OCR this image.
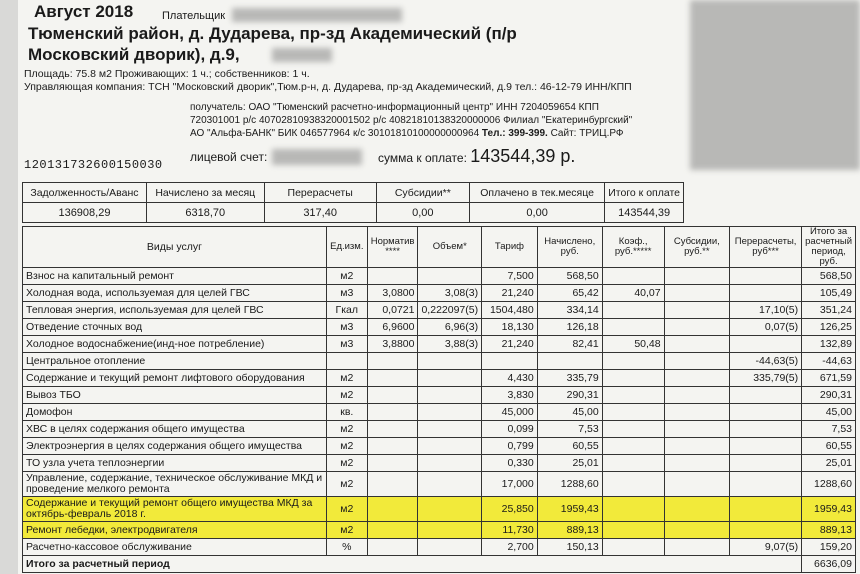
Август 2018	Плательщик
Тюменский район, д. Дударева, пр-зд Академический (п/р
Московский дворик), д.9,
Площадь: 75.8 м2 Проживающих: 1 ч.; собственников: 1 ч.
Управляющая компания: ТСН "Московский дворик",Тюм.р-н, д. Дударева, пр-зд Академический, д.9 тел.: 46-12-79 ИНН/КПП
получатель: ОАО "Тюменский расчетно-информационный центр" ИНН 7204059654 КПП
720301001 р/с 40702810938320001502 р/с 40821810138320000006 Филиал "Екатеринбургский"
АО "Альфа-БАНК" БИК 046577964 к/с 30101810100000000964 Тел.: 399-399. Сайт: ТРИЦ.РФ
120131732600150030
лицевой счет:	сумма к оплате: 143544,39 р.
Задолженность/Аванс	Начислено за месяц	Перерасчеты	Субсидии**	Оплачено в тек.месяце	Итого к оплате
136908,29	6318,70	317,40	0,00	0,00	143544,39
Виды услуг	Ед.изм.	Норматив ****	Объем*	Тариф	Начислено, руб.	Коэф., руб.*****	Субсидии, руб.**	Перерасчеты, руб***	Итого за расчетный период, руб.
Взнос на капитальный ремонт	м2			7,500	568,50				568,50
Холодная вода, используемая для целей ГВС	м3	3,0800	3,08(3)	21,240	65,42	40,07			105,49
Тепловая энергия, используемая для целей ГВС	Гкал	0,0721	0,222097(5)	1504,480	334,14			17,10(5)	351,24
Отведение сточных вод	м3	6,9600	6,96(3)	18,130	126,18			0,07(5)	126,25
Холодное водоснабжение(инд-ное потребление)	м3	3,8800	3,88(3)	21,240	82,41	50,48			132,89
Центральное отопление								-44,63(5)	-44,63
Содержание и текущий ремонт лифтового оборудования	м2			4,430	335,79			335,79(5)	671,59
Вывоз ТБО	м2			3,830	290,31				290,31
Домофон	кв.			45,000	45,00				45,00
ХВС в целях содержания общего имущества	м2			0,099	7,53				7,53
Электроэнергия в целях содержания общего имущества	м2			0,799	60,55				60,55
ТО узла учета теплоэнергии	м2			0,330	25,01				25,01
Управление, содержание, техническое обслуживание МКД и проведение мелкого ремонта	м2			17,000	1288,60				1288,60
Содержание и текущий ремонт общего имущества МКД за октябрь-февраль 2018 г.	м2			25,850	1959,43				1959,43
Ремонт лебедки, электродвигателя	м2			11,730	889,13				889,13
Расчетно-кассовое обслуживание	%			2,700	150,13			9,07(5)	159,20
Итого за расчетный период									6636,09
